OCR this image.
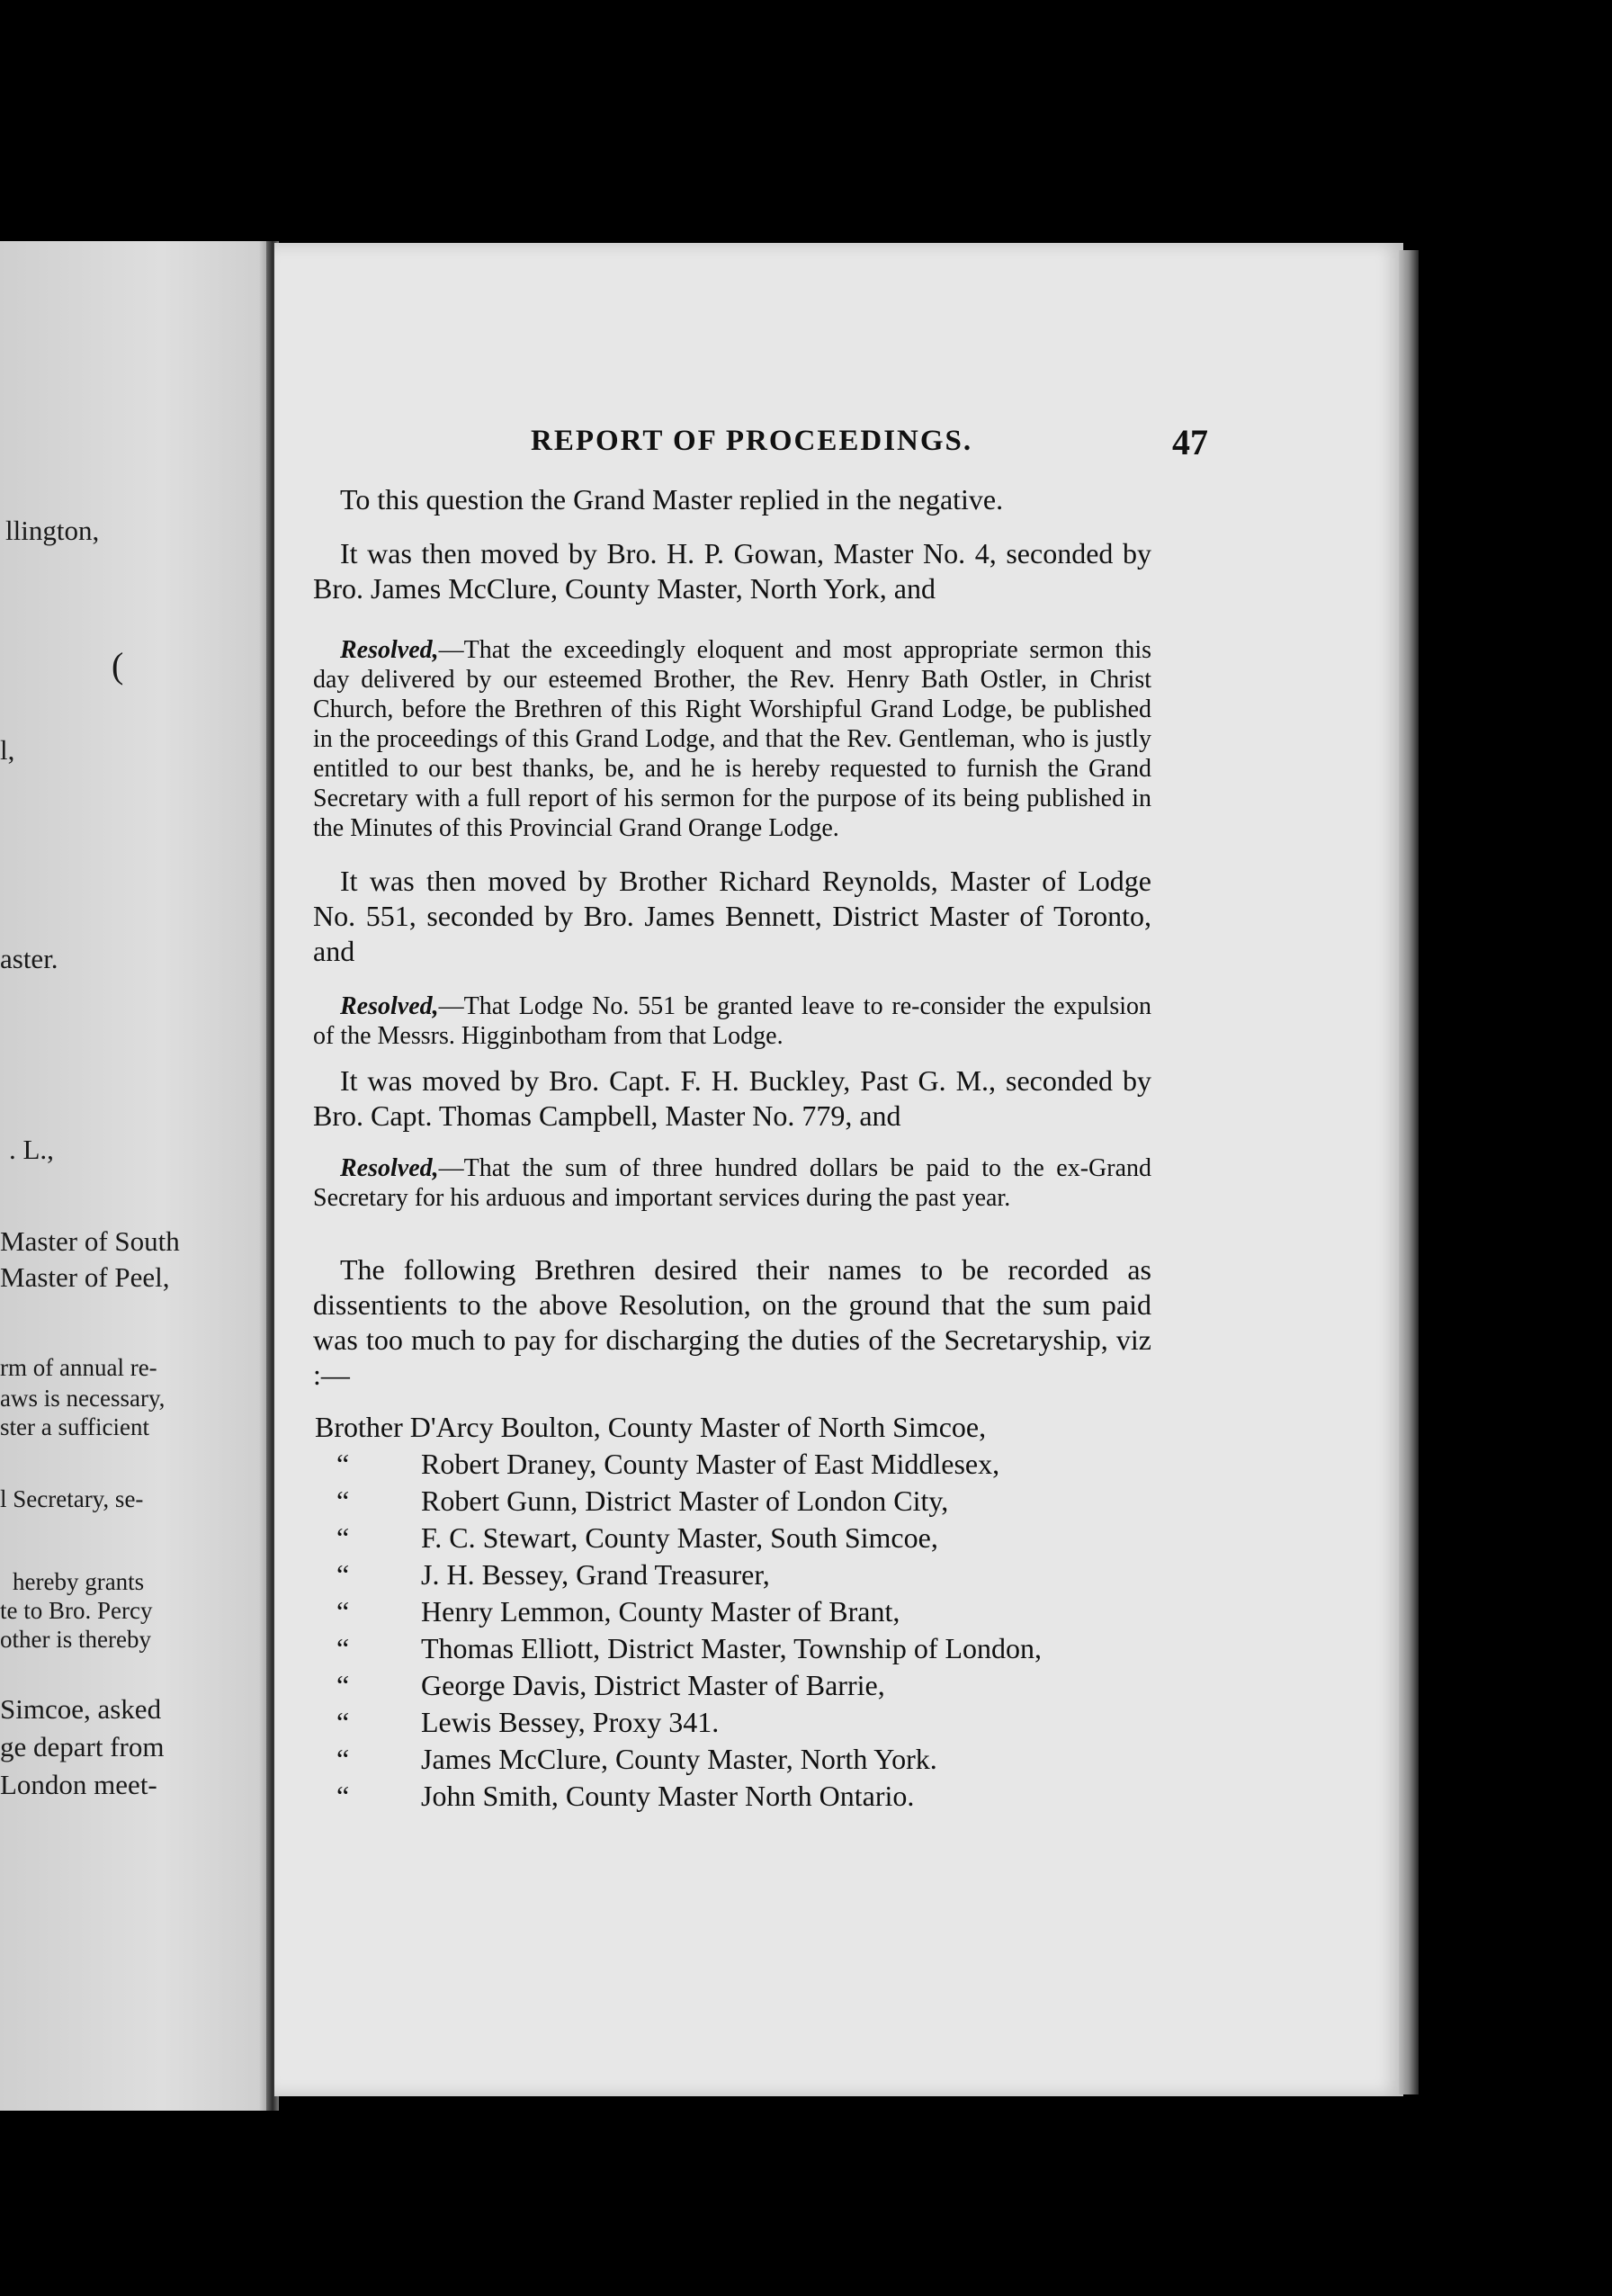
llington,
(
l,
aster.
. L.,
Master of South
Master of Peel,
rm of annual re-
aws is necessary,
ster a sufficient
l Secretary, se-
hereby grants
te to Bro. Percy
other is thereby
Simcoe, asked
ge depart from
London meet-
REPORT OF PROCEEDINGS.	47
To this question the Grand Master replied in the negative.
It was then moved by Bro. H. P. Gowan, Master No. 4, seconded by Bro. James McClure, County Master, North York, and
Resolved,—That the exceedingly eloquent and most appropriate sermon this day delivered by our esteemed Brother, the Rev. Henry Bath Ostler, in Christ Church, before the Brethren of this Right Worshipful Grand Lodge, be published in the proceedings of this Grand Lodge, and that the Rev. Gentleman, who is justly entitled to our best thanks, be, and he is hereby requested to furnish the Grand Secretary with a full report of his sermon for the purpose of its being published in the Minutes of this Provincial Grand Orange Lodge.
It was then moved by Brother Richard Reynolds, Master of Lodge No. 551, seconded by Bro. James Bennett, District Master of Toronto, and
Resolved,—That Lodge No. 551 be granted leave to re-consider the expulsion of the Messrs. Higginbotham from that Lodge.
It was moved by Bro. Capt. F. H. Buckley, Past G. M., seconded by Bro. Capt. Thomas Campbell, Master No. 779, and
Resolved,—That the sum of three hundred dollars be paid to the ex-Grand Secretary for his arduous and important services during the past year.
The following Brethren desired their names to be recorded as dissentients to the above Resolution, on the ground that the sum paid was too much to pay for discharging the duties of the Secretaryship, viz :—
Brother D'Arcy Boulton, County Master of North Simcoe,
“	Robert Draney, County Master of East Middlesex,
“	Robert Gunn, District Master of London City,
“	F. C. Stewart, County Master, South Simcoe,
“	J. H. Bessey, Grand Treasurer,
“	Henry Lemmon, County Master of Brant,
“	Thomas Elliott, District Master, Township of London,
“	George Davis, District Master of Barrie,
“	Lewis Bessey, Proxy 341.
“	James McClure, County Master, North York.
“	John Smith, County Master North Ontario.
